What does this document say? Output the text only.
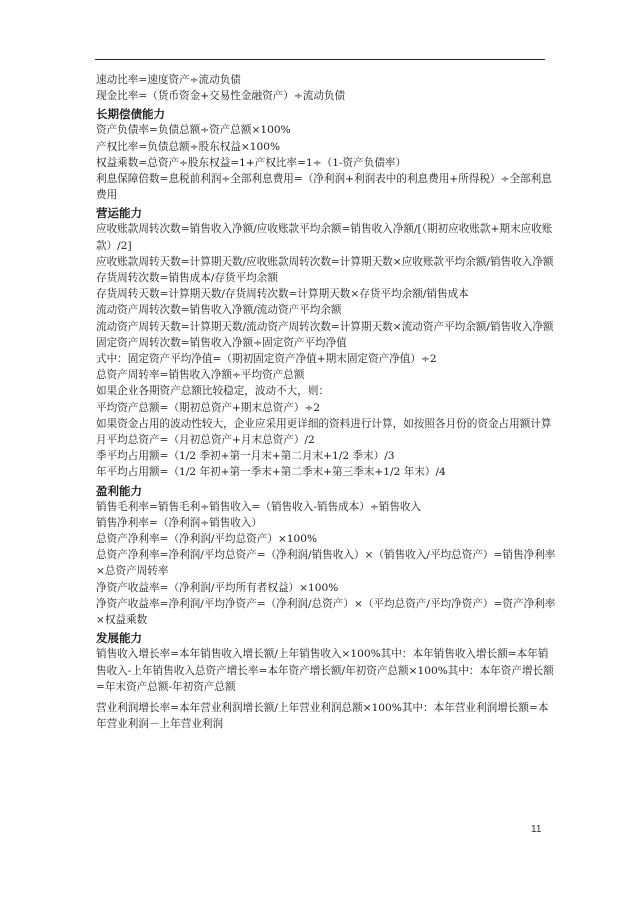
速动比率=速度资产÷流动负债

现金比率=（货币资金+交易性金融资产）÷流动负债

长期偿债能力

资产负债率=负债总额÷资产总额×100%

产权比率=负债总额÷股东权益×100%

权益乘数=总资产÷股东权益=1+产权比率=1÷（1-资产负债率）

利息保障倍数=息税前利润÷全部利息费用=（净利润+利润表中的利息费用+所得税）÷全部利息费用

营运能力

应收账款周转次数=销售收入净额/应收账款平均余额=销售收入净额/[（期初应收账款+期末应收账款）/2]

应收账款周转天数=计算期天数/应收账款周转次数=计算期天数×应收账款平均余额/销售收入净额

存货周转次数=销售成本/存货平均余额

存货周转天数=计算期天数/存货周转次数=计算期天数×存货平均余额/销售成本

流动资产周转次数=销售收入净额/流动资产平均余额

流动资产周转天数=计算期天数/流动资产周转次数=计算期天数×流动资产平均余额/销售收入净额

固定资产周转次数=销售收入净额÷固定资产平均净值

式中：固定资产平均净值=（期初固定资产净值+期末固定资产净值）÷2

总资产周转率=销售收入净额÷平均资产总额

如果企业各期资产总额比较稳定，波动不大，则：

平均资产总额=（期初总资产+期末总资产）÷2

如果资金占用的波动性较大，企业应采用更详细的资料进行计算，如按照各月份的资金占用额计算

月平均总资产=（月初总资产+月末总资产）/2

季平均占用额=（1/2 季初+第一月末+第二月末+1/2 季末）/3

年平均占用额=（1/2 年初+第一季末+第二季末+第三季末+1/2 年末）/4

盈利能力

销售毛利率=销售毛利÷销售收入=（销售收入-销售成本）÷销售收入

销售净利率=（净利润÷销售收入）

总资产净利率=（净利润/平均总资产）×100%

总资产净利率=净利润/平均总资产=（净利润/销售收入）×（销售收入/平均总资产）=销售净利率×总资产周转率

净资产收益率=（净利润/平均所有者权益）×100%

净资产收益率=净利润/平均净资产=（净利润/总资产）×（平均总资产/平均净资产）=资产净利率×权益乘数

发展能力

销售收入增长率=本年销售收入增长额/上年销售收入×100%其中：本年销售收入增长额=本年销售收入-上年销售收入总资产增长率=本年资产增长额/年初资产总额×100%其中：本年资产增长额=年末资产总额-年初资产总额

营业利润增长率=本年营业利润增长额/上年营业利润总额×100%其中：本年营业利润增长额=本年营业利润－上年营业利润

11
